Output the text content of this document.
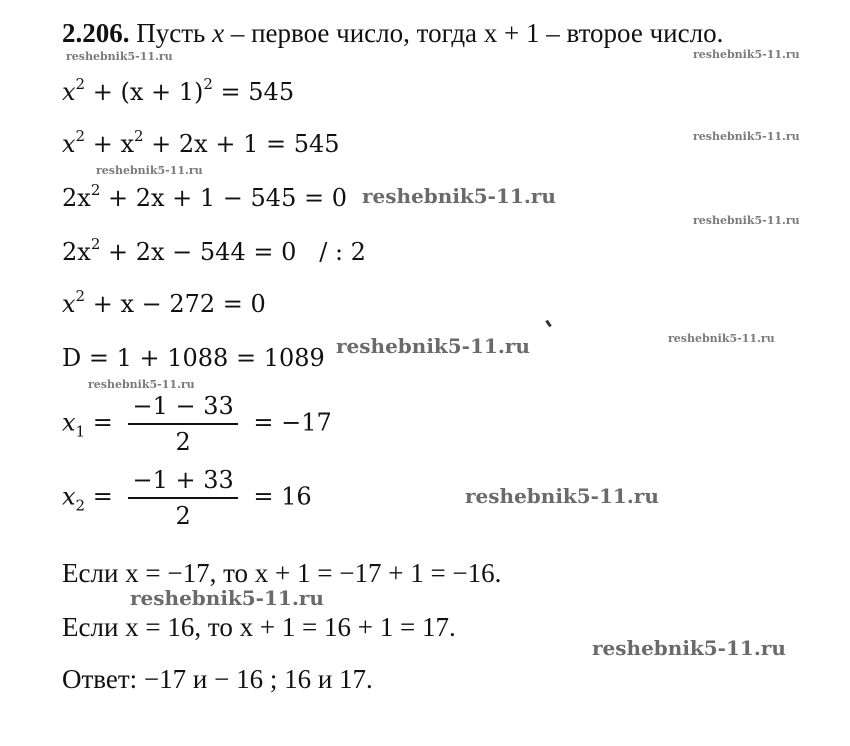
2.206. Пусть x – первое число, тогда x + 1 – второе число.
$x^2 + (x + 1)^2 = 545$
$x^2 + x^2 + 2x + 1 = 545$
$2x^2 + 2x + 1 - 545 = 0$
$2x^2 + 2x - 544 = 0$   / : 2
$x^2 + x - 272 = 0$
D = 1 + 1088 = 1089
$x_1 = \frac{-1 - 33}{2} = -17$
$x_2 = \frac{-1 + 33}{2} = 16$
Если x = −17, то x + 1 = −17 + 1 = −16.
Если x = 16, то x + 1 = 16 + 1 = 17.
Ответ: −17 и − 16 ; 16 и 17.
reshebnik5-11.ru	reshebnik5-11.ru
reshebnik5-11.ru
reshebnik5-11.ru
reshebnik5-11.ru
reshebnik5-11.ru
reshebnik5-11.ru	reshebnik5-11.ru
reshebnik5-11.ru
reshebnik5-11.ru
reshebnik5-11.ru
reshebnik5-11.ru
